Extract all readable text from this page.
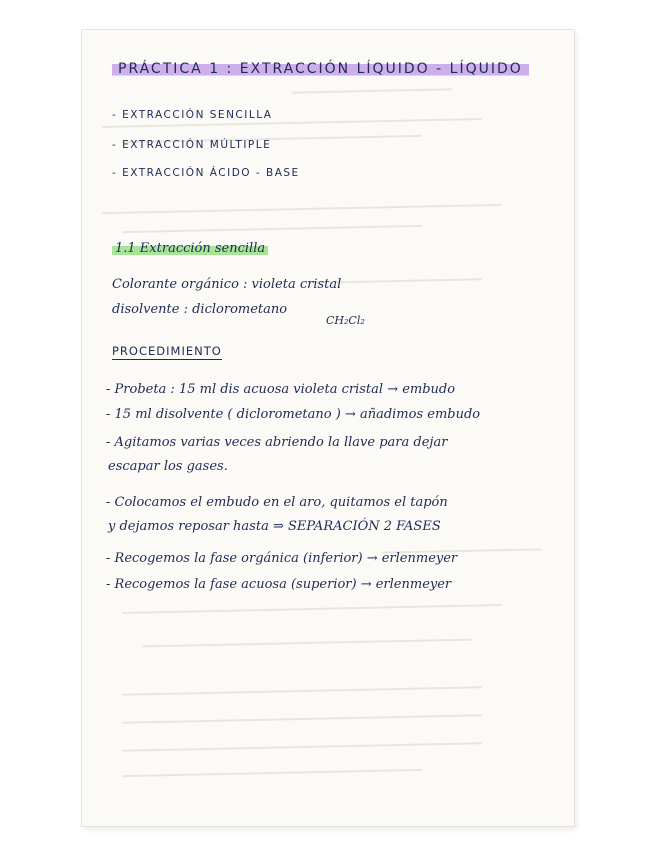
PRÁCTICA 1 : EXTRACCIÓN LÍQUIDO - LÍQUIDO
- EXTRACCIÓN SENCILLA
- EXTRACCIÓN MÚLTIPLE
- EXTRACCIÓN ÁCIDO - BASE
1.1 Extracción sencilla
Colorante orgánico : violeta cristal
disolvente : diclorometano
CH₂Cl₂
PROCEDIMIENTO
- Probeta : 15 ml dis acuosa violeta cristal → embudo
- 15 ml disolvente ( diclorometano ) → añadimos embudo
- Agitamos varias veces abriendo la llave para dejar
escapar los gases.
- Colocamos el embudo en el aro, quitamos el tapón
y dejamos reposar hasta ⇒ SEPARACIÓN 2 FASES
- Recogemos la fase orgánica (inferior) → erlenmeyer
- Recogemos la fase acuosa (superior) → erlenmeyer
